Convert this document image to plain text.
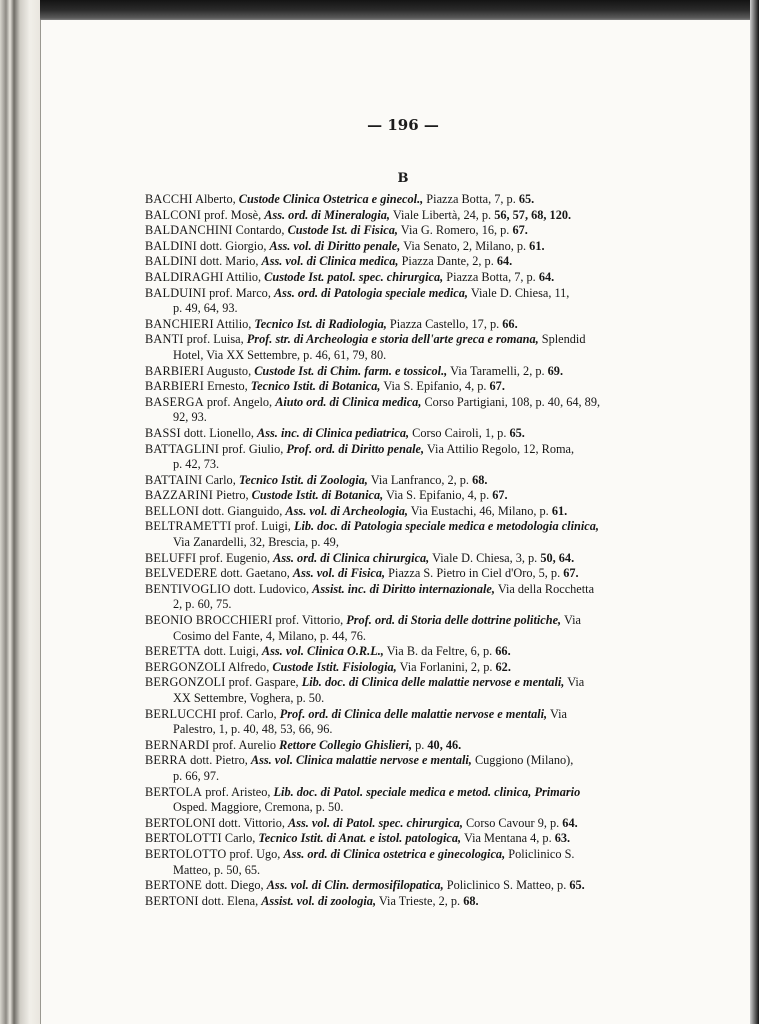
— 196 —
B
BACCHI Alberto, Custode Clinica Ostetrica e ginecol., Piazza Botta, 7, p. 65.
BALCONI prof. Mosè, Ass. ord. di Mineralogia, Viale Libertà, 24, p. 56, 57, 68, 120.
BALDANCHINI Contardo, Custode Ist. di Fisica, Via G. Romero, 16, p. 67.
BALDINI dott. Giorgio, Ass. vol. di Diritto penale, Via Senato, 2, Milano, p. 61.
BALDINI dott. Mario, Ass. vol. di Clinica medica, Piazza Dante, 2, p. 64.
BALDIRAGHI Attilio, Custode Ist. patol. spec. chirurgica, Piazza Botta, 7, p. 64.
BALDUINI prof. Marco, Ass. ord. di Patologia speciale medica, Viale D. Chiesa, 11,
p. 49, 64, 93.
BANCHIERI Attilio, Tecnico Ist. di Radiologia, Piazza Castello, 17, p. 66.
BANTI prof. Luisa, Prof. str. di Archeologia e storia dell'arte greca e romana, Splendid
Hotel, Via XX Settembre, p. 46, 61, 79, 80.
BARBIERI Augusto, Custode Ist. di Chim. farm. e tossicol., Via Taramelli, 2, p. 69.
BARBIERI Ernesto, Tecnico Istit. di Botanica, Via S. Epifanio, 4, p. 67.
BASERGA prof. Angelo, Aiuto ord. di Clinica medica, Corso Partigiani, 108, p. 40, 64, 89,
92, 93.
BASSI dott. Lionello, Ass. inc. di Clinica pediatrica, Corso Cairoli, 1, p. 65.
BATTAGLINI prof. Giulio, Prof. ord. di Diritto penale, Via Attilio Regolo, 12, Roma,
p. 42, 73.
BATTAINI Carlo, Tecnico Istit. di Zoologia, Via Lanfranco, 2, p. 68.
BAZZARINI Pietro, Custode Istit. di Botanica, Via S. Epifanio, 4, p. 67.
BELLONI dott. Gianguido, Ass. vol. di Archeologia, Via Eustachi, 46, Milano, p. 61.
BELTRAMETTI prof. Luigi, Lib. doc. di Patologia speciale medica e metodologia clinica,
Via Zanardelli, 32, Brescia, p. 49,
BELUFFI prof. Eugenio, Ass. ord. di Clinica chirurgica, Viale D. Chiesa, 3, p. 50, 64.
BELVEDERE dott. Gaetano, Ass. vol. di Fisica, Piazza S. Pietro in Ciel d'Oro, 5, p. 67.
BENTIVOGLIO dott. Ludovico, Assist. inc. di Diritto internazionale, Via della Rocchetta
2, p. 60, 75.
BEONIO BROCCHIERI prof. Vittorio, Prof. ord. di Storia delle dottrine politiche, Via
Cosimo del Fante, 4, Milano, p. 44, 76.
BERETTA dott. Luigi, Ass. vol. Clinica O.R.L., Via B. da Feltre, 6, p. 66.
BERGONZOLI Alfredo, Custode Istit. Fisiologia, Via Forlanini, 2, p. 62.
BERGONZOLI prof. Gaspare, Lib. doc. di Clinica delle malattie nervose e mentali, Via
XX Settembre, Voghera, p. 50.
BERLUCCHI prof. Carlo, Prof. ord. di Clinica delle malattie nervose e mentali, Via
Palestro, 1, p. 40, 48, 53, 66, 96.
BERNARDI prof. Aurelio Rettore Collegio Ghislieri, p. 40, 46.
BERRA dott. Pietro, Ass. vol. Clinica malattie nervose e mentali, Cuggiono (Milano),
p. 66, 97.
BERTOLA prof. Aristeo, Lib. doc. di Patol. speciale medica e metod. clinica, Primario
Osped. Maggiore, Cremona, p. 50.
BERTOLONI dott. Vittorio, Ass. vol. di Patol. spec. chirurgica, Corso Cavour 9, p. 64.
BERTOLOTTI Carlo, Tecnico Istit. di Anat. e istol. patologica, Via Mentana 4, p. 63.
BERTOLOTTO prof. Ugo, Ass. ord. di Clinica ostetrica e ginecologica, Policlinico S.
Matteo, p. 50, 65.
BERTONE dott. Diego, Ass. vol. di Clin. dermosifilopatica, Policlinico S. Matteo, p. 65.
BERTONI dott. Elena, Assist. vol. di zoologia, Via Trieste, 2, p. 68.
